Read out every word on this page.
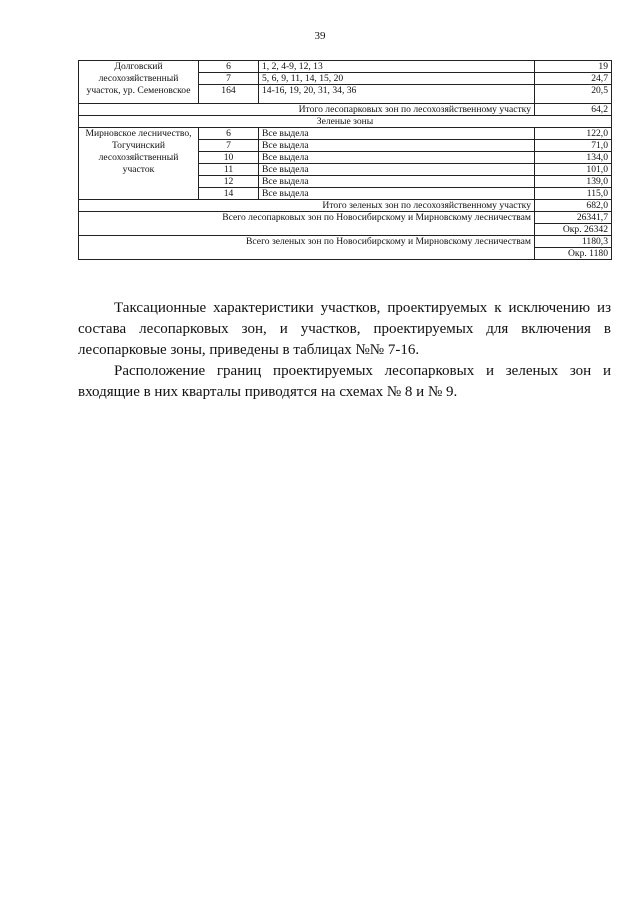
39
Долговский лесохозяйственный участок, ур. Семеновское	6	1, 2, 4-9, 12, 13	19
	7	5, 6, 9, 11, 14, 15, 20	24,7
	164	14-16, 19, 20, 31, 34, 36	20,5
Итого лесопарковых зон по лесохозяйственному участку			64,2
Зеленые зоны			
Мирновское лесничество, Тогучинский лесохозяйственный участок	6	Все выдела	122,0
	7	Все выдела	71,0
	10	Все выдела	134,0
	11	Все выдела	101,0
	12	Все выдела	139,0
	14	Все выдела	115,0
Итого зеленых зон по лесохозяйственному участку			682,0
Всего лесопарковых зон по Новосибирскому и Мирновскому лесничествам			26341,7
			Окр. 26342
Всего зеленых зон по Новосибирскому и Мирновскому лесничествам			1180,3
			Окр. 1180

Таксационные характеристики участков, проектируемых к исключению из состава лесопарковых зон, и участков, проектируемых для включения в лесопарковые зоны, приведены в таблицах №№ 7-16.

Расположение границ проектируемых лесопарковых и зеленых зон и входящие в них кварталы приводятся на схемах № 8 и № 9.
